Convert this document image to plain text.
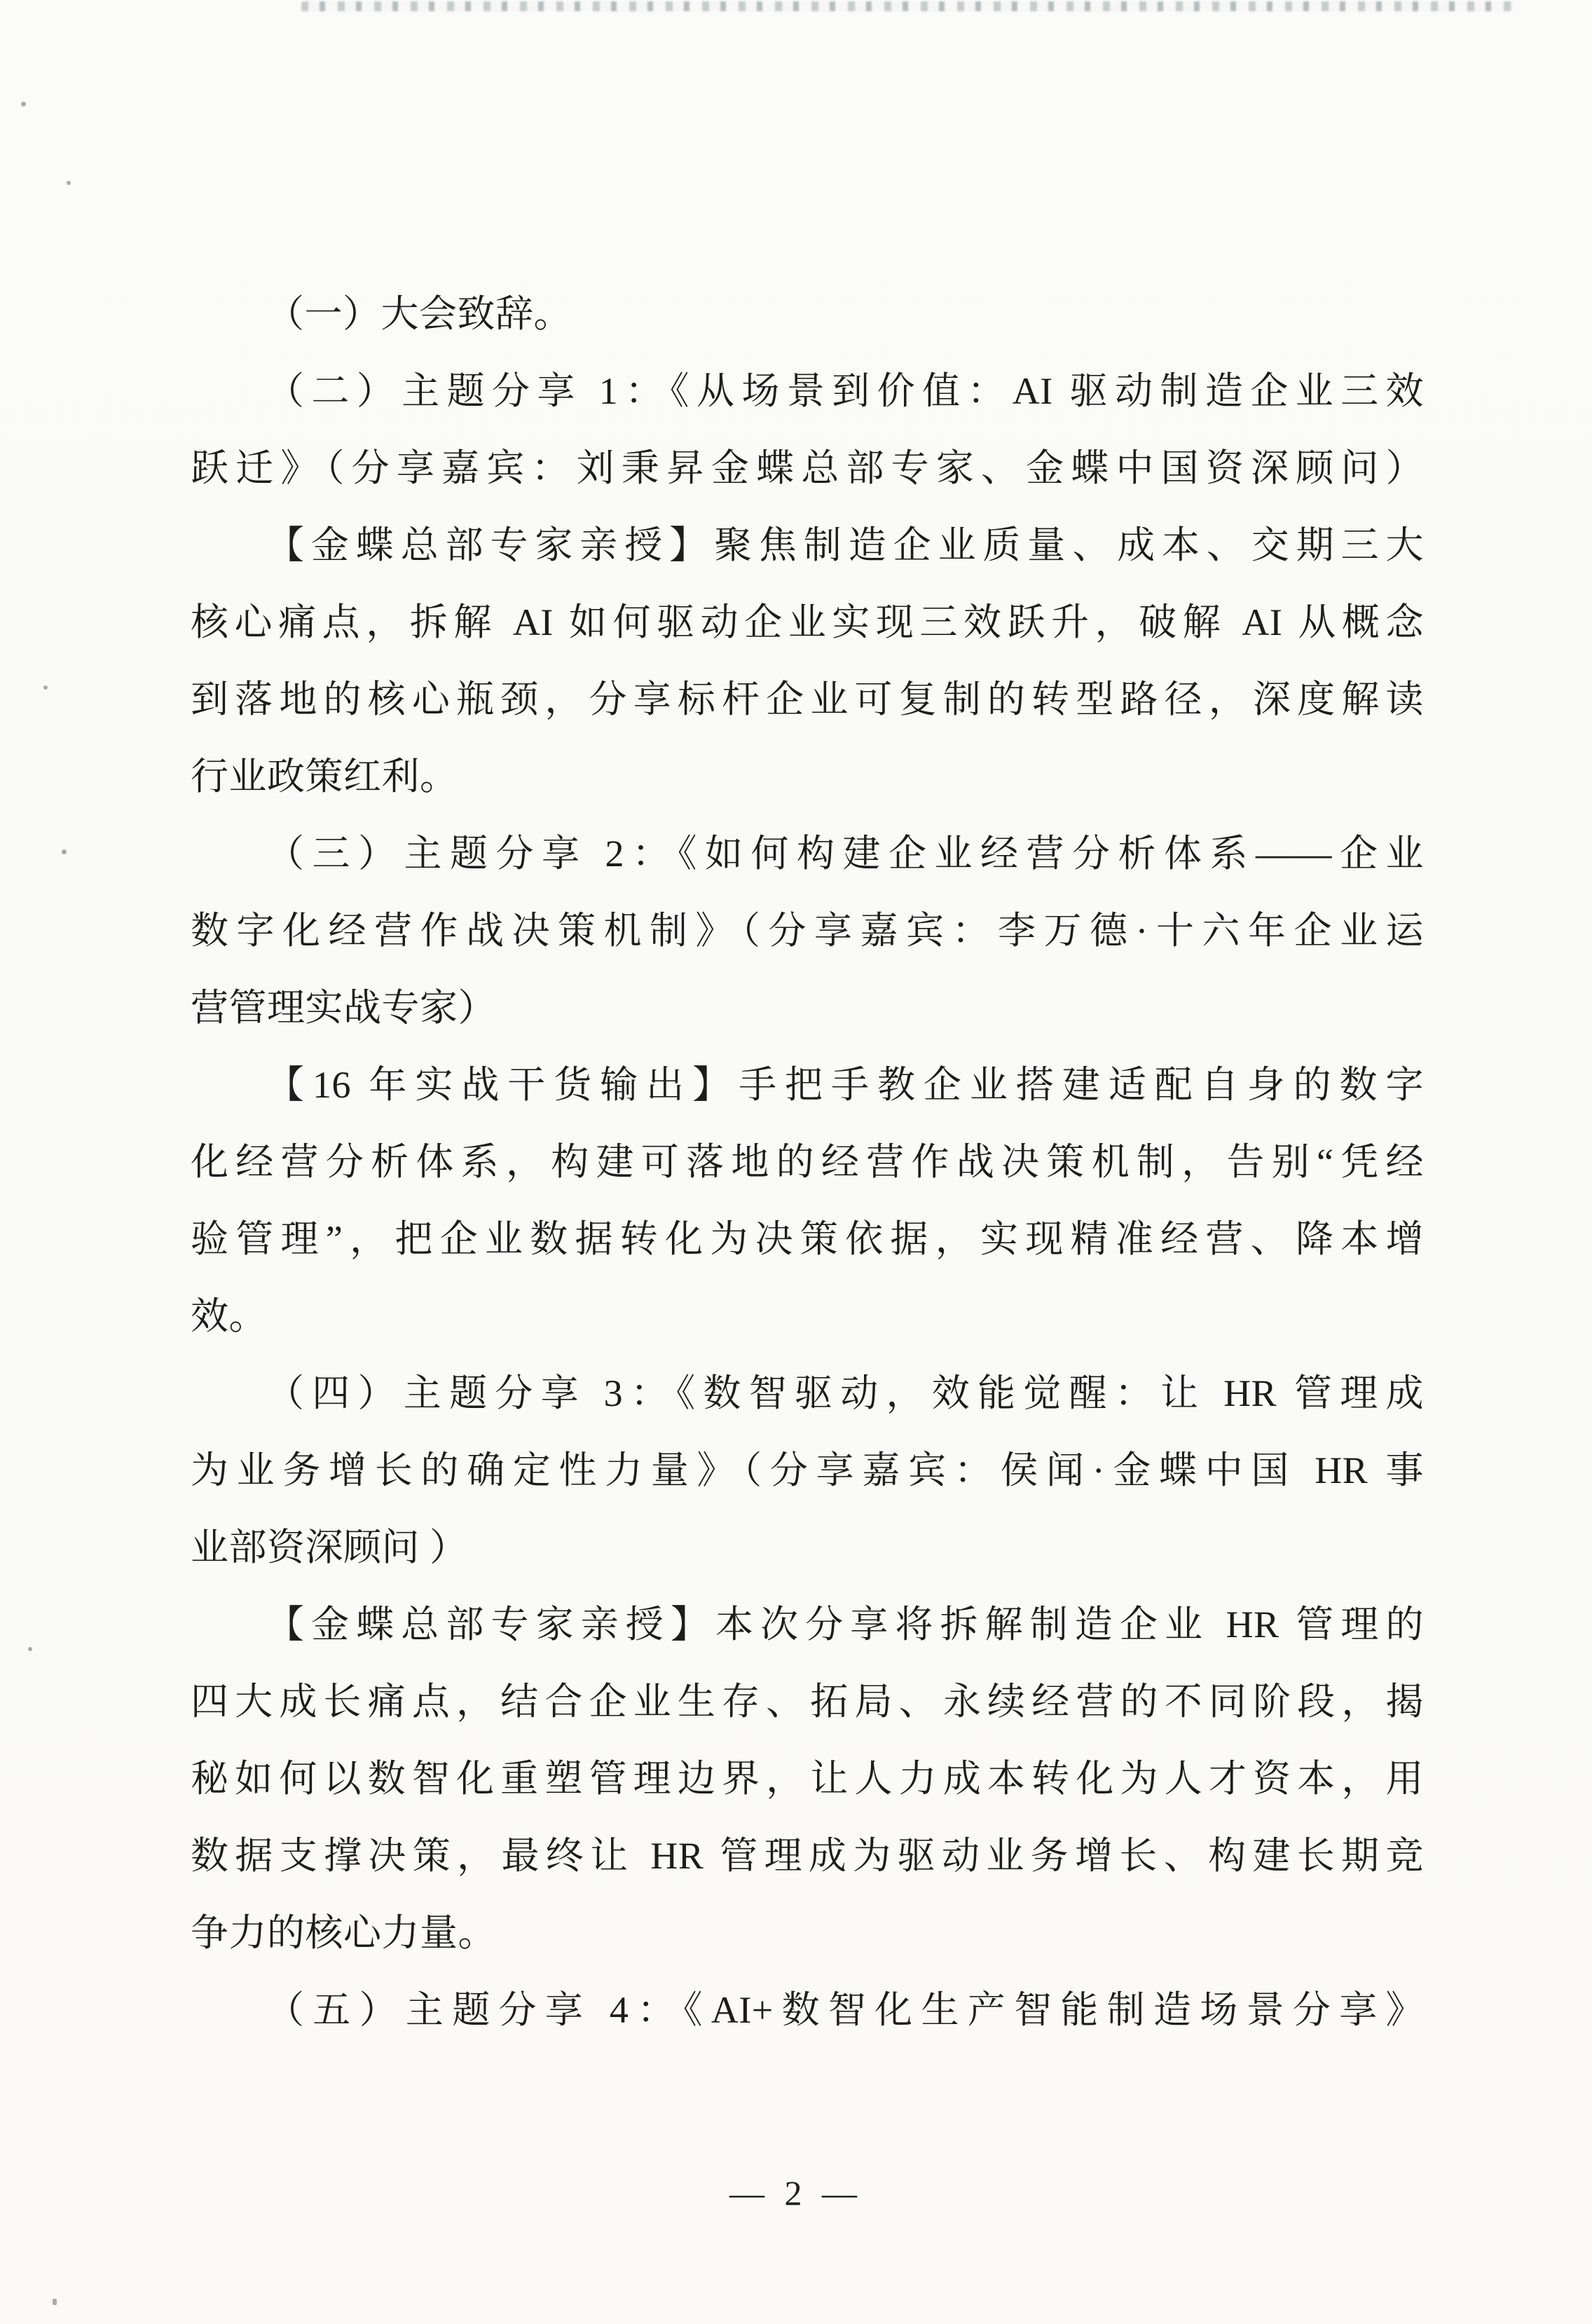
（一）大会致辞。
（二）主题分享 1：《从场景到价值：AI 驱动制造企业三效
跃迁》（分享嘉宾：刘秉昇金蝶总部专家、金蝶中国资深顾问）
【金蝶总部专家亲授】聚焦制造企业质量、成本、交期三大
核心痛点，拆解 AI 如何驱动企业实现三效跃升，破解 AI 从概念
到落地的核心瓶颈，分享标杆企业可复制的转型路径，深度解读
行业政策红利。
（三）主题分享 2：《如何构建企业经营分析体系——企业
数字化经营作战决策机制》（分享嘉宾：李万德·十六年企业运
营管理实战专家）
【16 年实战干货输出】手把手教企业搭建适配自身的数字
化经营分析体系，构建可落地的经营作战决策机制，告别“凭经
验管理”，把企业数据转化为决策依据，实现精准经营、降本增
效。
（四）主题分享 3：《数智驱动，效能觉醒：让 HR 管理成
为业务增长的确定性力量》（分享嘉宾：侯闻·金蝶中国 HR 事
业部资深顾问 ）
【金蝶总部专家亲授】本次分享将拆解制造企业 HR 管理的
四大成长痛点，结合企业生存、拓局、永续经营的不同阶段，揭
秘如何以数智化重塑管理边界，让人力成本转化为人才资本，用
数据支撑决策，最终让 HR 管理成为驱动业务增长、构建长期竞
争力的核心力量。
（五）主题分享 4：《AI+数智化生产智能制造场景分享》
— 2 —
